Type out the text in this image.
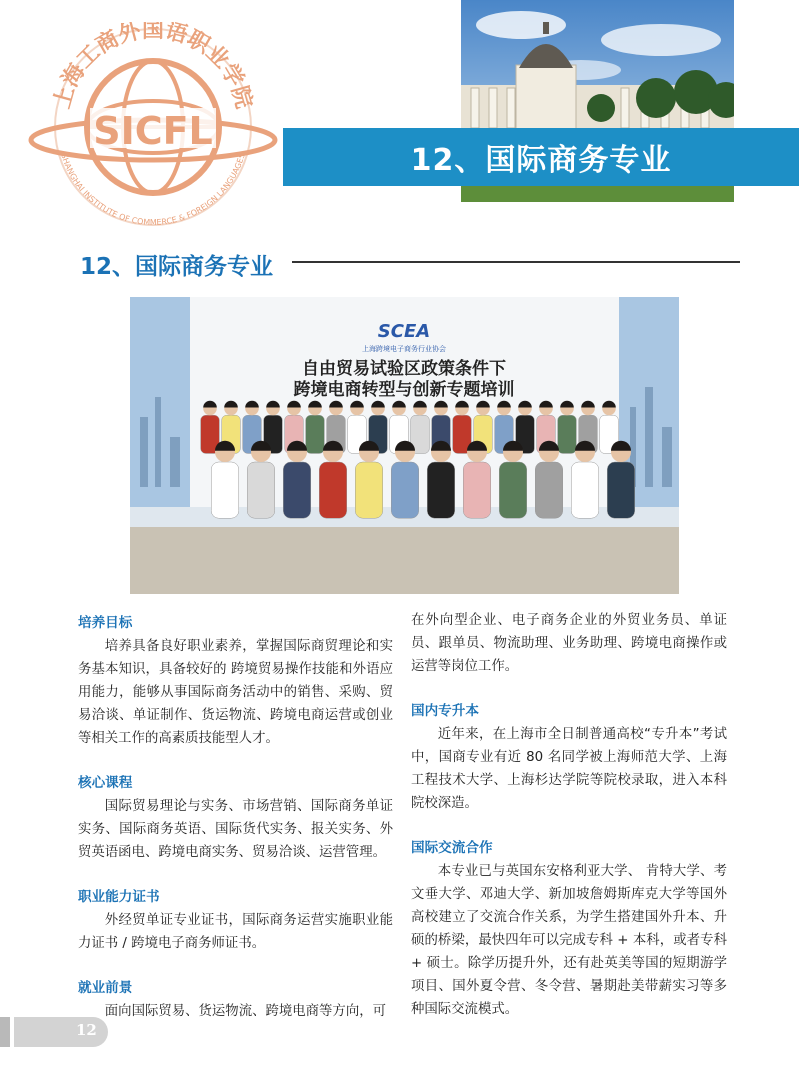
SICFL
上海工商外国语职业学院
SHANGHAI INSTITUTE OF COMMERCE & FOREIGN LANGUAGES	12、国际商务专业
12、国际商务专业
SCEA
上海跨境电子商务行业协会
自由贸易试验区政策条件下
跨境电商转型与创新专题培训

培养目标

培养具备良好职业素养，掌握国际商贸理论和实务基本知识，具备较好的 跨境贸易操作技能和外语应用能力，能够从事国际商务活动中的销售、采购、贸易洽谈、单证制作、货运物流、跨境电商运营或创业等相关工作的高素质技能型人才。

核心课程

国际贸易理论与实务、市场营销、国际商务单证实务、国际商务英语、国际货代实务、报关实务、外贸英语函电、跨境电商实务、贸易洽谈、运营管理。

职业能力证书

外经贸单证专业证书，国际商务运营实施职业能力证书 / 跨境电子商务师证书。

就业前景

面向国际贸易、货运物流、跨境电商等方向，可

在外向型企业、电子商务企业的外贸业务员、单证员、跟单员、物流助理、业务助理、跨境电商操作或运营等岗位工作。

国内专升本

近年来，在上海市全日制普通高校“专升本”考试中，国商专业有近 80 名同学被上海师范大学、上海工程技术大学、上海杉达学院等院校录取，进入本科院校深造。

国际交流合作

本专业已与英国东安格利亚大学、 肯特大学、考文垂大学、邓迪大学、新加坡詹姆斯库克大学等国外高校建立了交流合作关系，为学生搭建国外升本、升硕的桥梁，最快四年可以完成专科 + 本科，或者专科 + 硕士。除学历提升外，还有赴英美等国的短期游学项目、国外夏令营、冬令营、暑期赴美带薪实习等多种国际交流模式。

12
